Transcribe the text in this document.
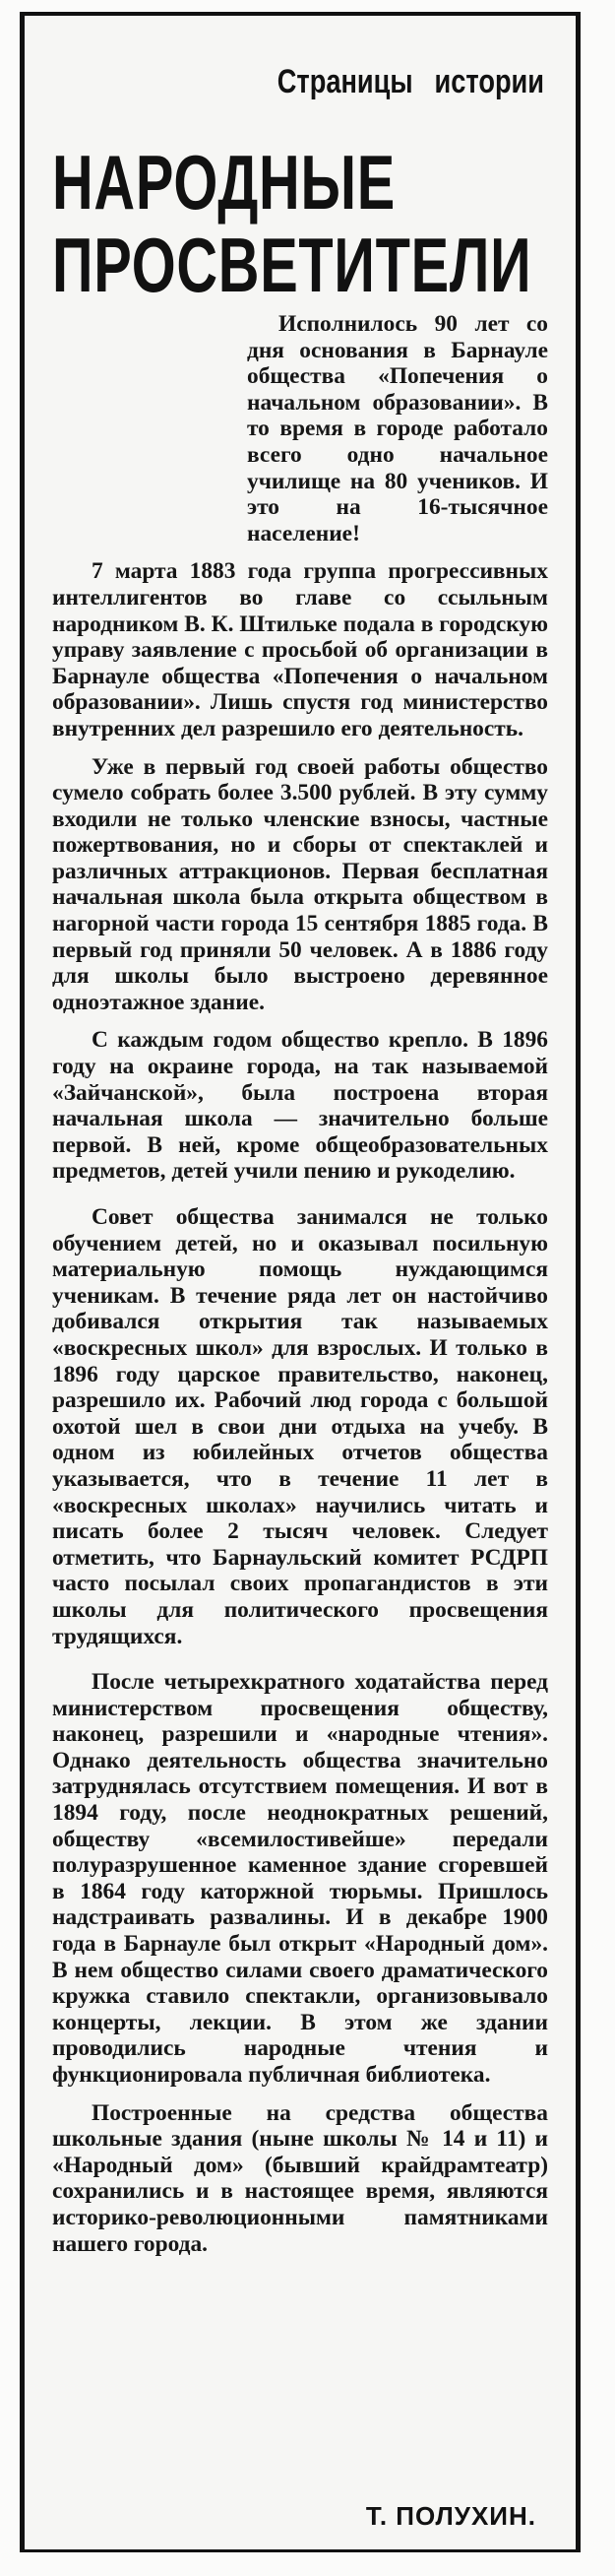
Страницы истории
НАРОДНЫЕ
ПРОСВЕТИТЕЛИ

Исполнилось 90 лет со дня основания в Барнауле общества «Попечения о начальном образовании». В то время в городе работало всего одно начальное училище на 80 учеников. И это на 16-тысячное население!

7 марта 1883 года группа прогрессивных интеллигентов во главе со ссыльным народником В. К. Штильке подала в городскую управу заявление с просьбой об организации в Барнауле общества «Попечения о начальном образовании». Лишь спустя год министерство внутренних дел разрешило его деятельность.

Уже в первый год своей работы общество сумело собрать более 3.500 рублей. В эту сумму входили не только членские взносы, частные пожертвования, но и сборы от спектаклей и различных аттракционов. Первая бесплатная начальная школа была открыта обществом в нагорной части города 15 сентября 1885 года. В первый год приняли 50 человек. А в 1886 году для школы было выстроено деревянное одноэтажное здание.

С каждым годом общество крепло. В 1896 году на окраине города, на так называемой «Зайчанской», была построена вторая начальная школа — значительно больше первой. В ней, кроме общеобразовательных предметов, детей учили пению и рукоделию.

Совет общества занимался не только обучением детей, но и оказывал посильную материальную помощь нуждающимся ученикам. В течение ряда лет он настойчиво добивался открытия так называемых «воскресных школ» для взрослых. И только в 1896 году царское правительство, наконец, разрешило их. Рабочий люд города с большой охотой шел в свои дни отдыха на учебу. В одном из юбилейных отчетов общества указывается, что в течение 11 лет в «воскресных школах» научились читать и писать более 2 тысяч человек. Следует отметить, что Барнаульский комитет РСДРП часто посылал своих пропагандистов в эти школы для политического просвещения трудящихся.

После четырехкратного ходатайства перед министерством просвещения обществу, наконец, разрешили и «народные чтения». Однако деятельность общества значительно затруднялась отсутствием помещения. И вот в 1894 году, после неоднократных решений, обществу «всемилостивейше» передали полуразрушенное каменное здание сгоревшей в 1864 году каторжной тюрьмы. Пришлось надстраивать развалины. И в декабре 1900 года в Барнауле был открыт «Народный дом». В нем общество силами своего драматического кружка ставило спектакли, организовывало концерты, лекции. В этом же здании проводились народные чтения и функционировала публичная библиотека.

Построенные на средства общества школьные здания (ныне школы № 14 и 11) и «Народный дом» (бывший крайдрамтеатр) сохранились и в настоящее время, являются историко-революционными памятниками нашего города.

Т. ПОЛУХИН.
